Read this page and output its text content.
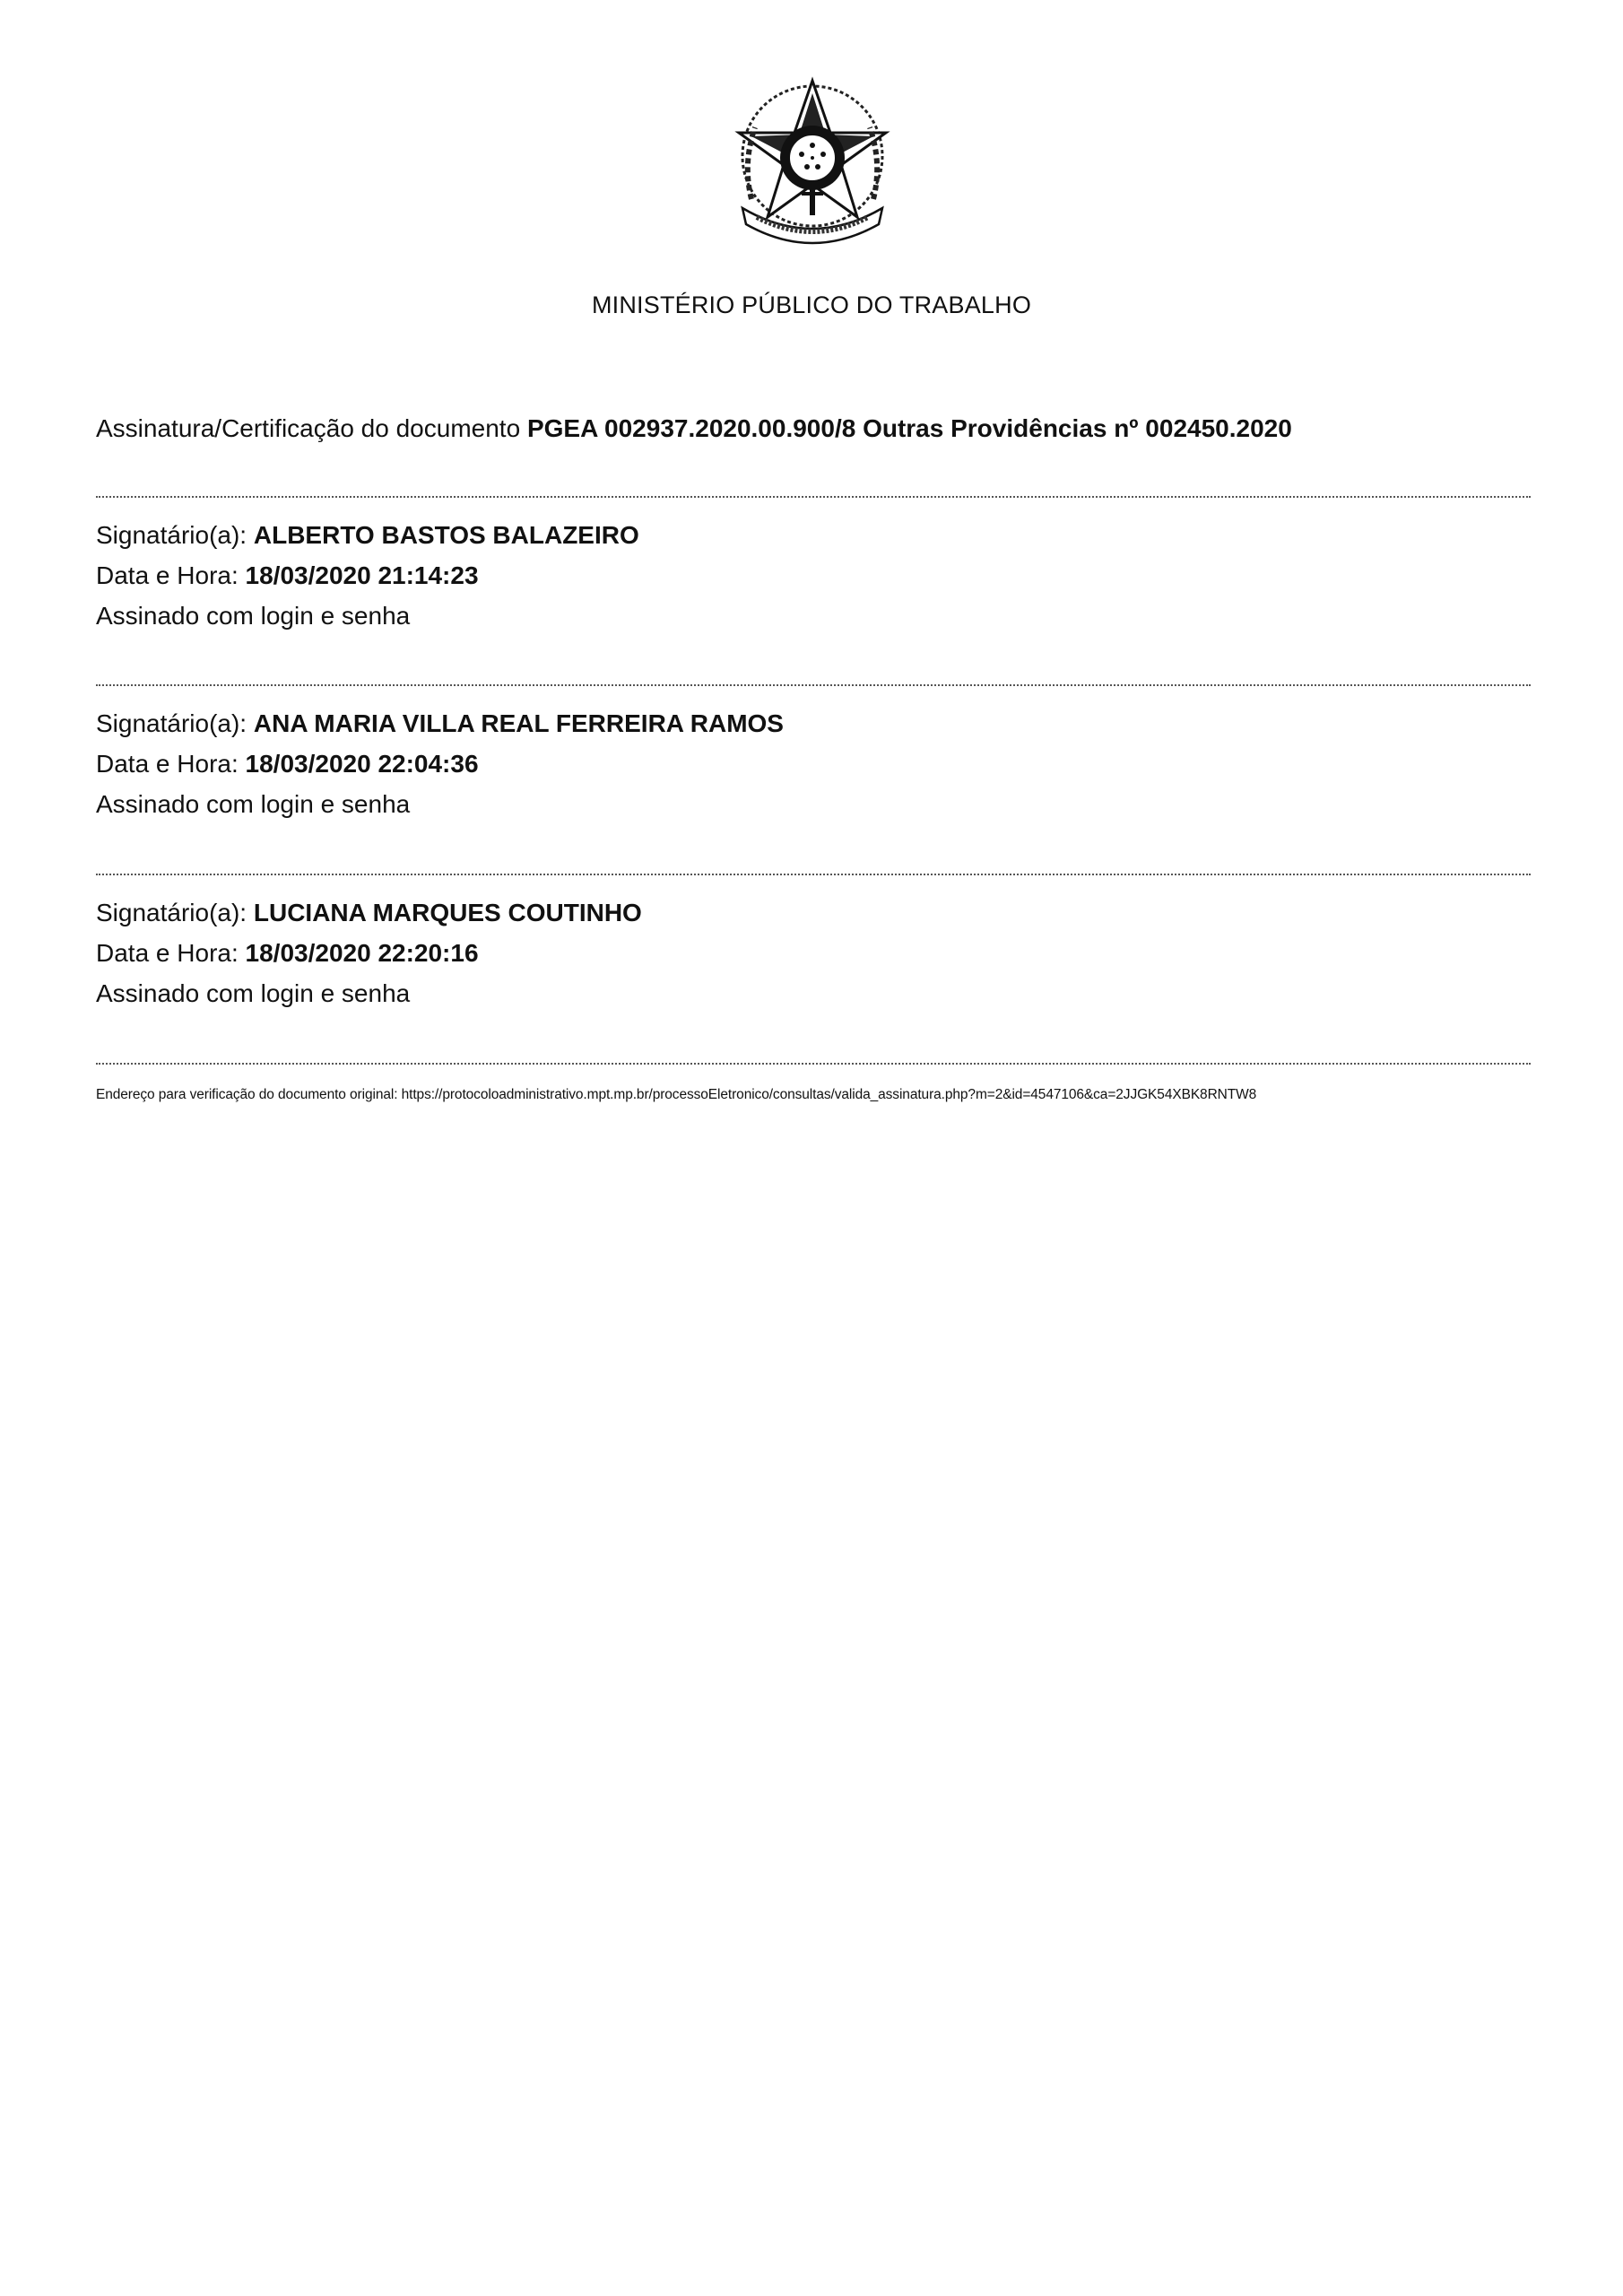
MINISTÉRIO PÚBLICO DO TRABALHO
Assinatura/Certificação do documento PGEA 002937.2020.00.900/8 Outras Providências nº 002450.2020
Signatário(a): ALBERTO BASTOS BALAZEIRO
Data e Hora: 18/03/2020 21:14:23
Assinado com login e senha
Signatário(a): ANA MARIA VILLA REAL FERREIRA RAMOS
Data e Hora: 18/03/2020 22:04:36
Assinado com login e senha
Signatário(a): LUCIANA MARQUES COUTINHO
Data e Hora: 18/03/2020 22:20:16
Assinado com login e senha
Endereço para verificação do documento original: https://protocoloadministrativo.mpt.mp.br/processoEletronico/consultas/valida_assinatura.php?m=2&id=4547106&ca=2JJGK54XBK8RNTW8
